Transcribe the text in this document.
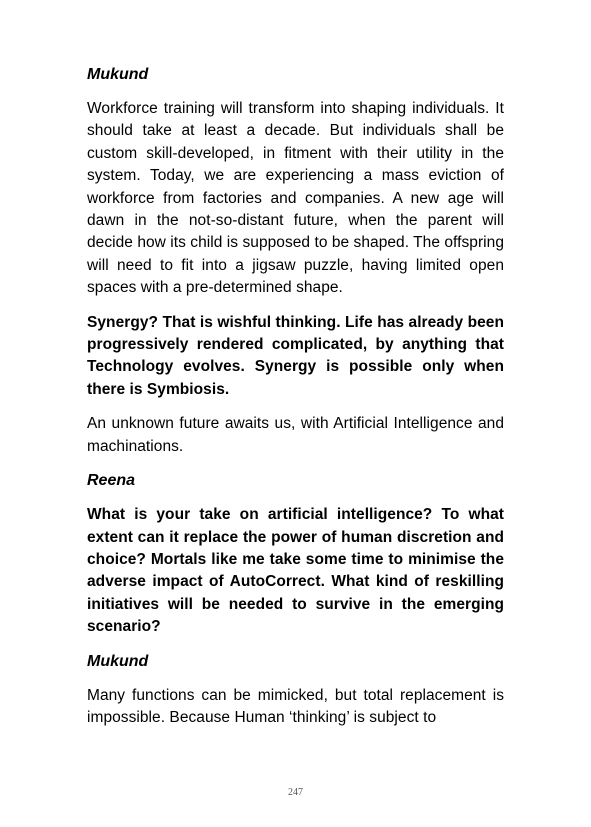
Mukund

Workforce training will transform into shaping individuals. It should take at least a decade. But individuals shall be custom skill-developed, in fitment with their utility in the system. Today, we are experiencing a mass eviction of workforce from factories and companies. A new age will dawn in the not-so-distant future, when the parent will decide how its child is supposed to be shaped. The offspring will need to fit into a jigsaw puzzle, having limited open spaces with a pre-determined shape.

Synergy? That is wishful thinking. Life has already been progressively rendered complicated, by anything that Technology evolves. Synergy is possible only when there is Symbiosis.

An unknown future awaits us, with Artificial Intelligence and machinations.

Reena

What is your take on artificial intelligence? To what extent can it replace the power of human discretion and choice? Mortals like me take some time to minimise the adverse impact of AutoCorrect. What kind of reskilling initiatives will be needed to survive in the emerging scenario?

Mukund

Many functions can be mimicked, but total replacement is impossible. Because Human ‘thinking’ is subject to

247
